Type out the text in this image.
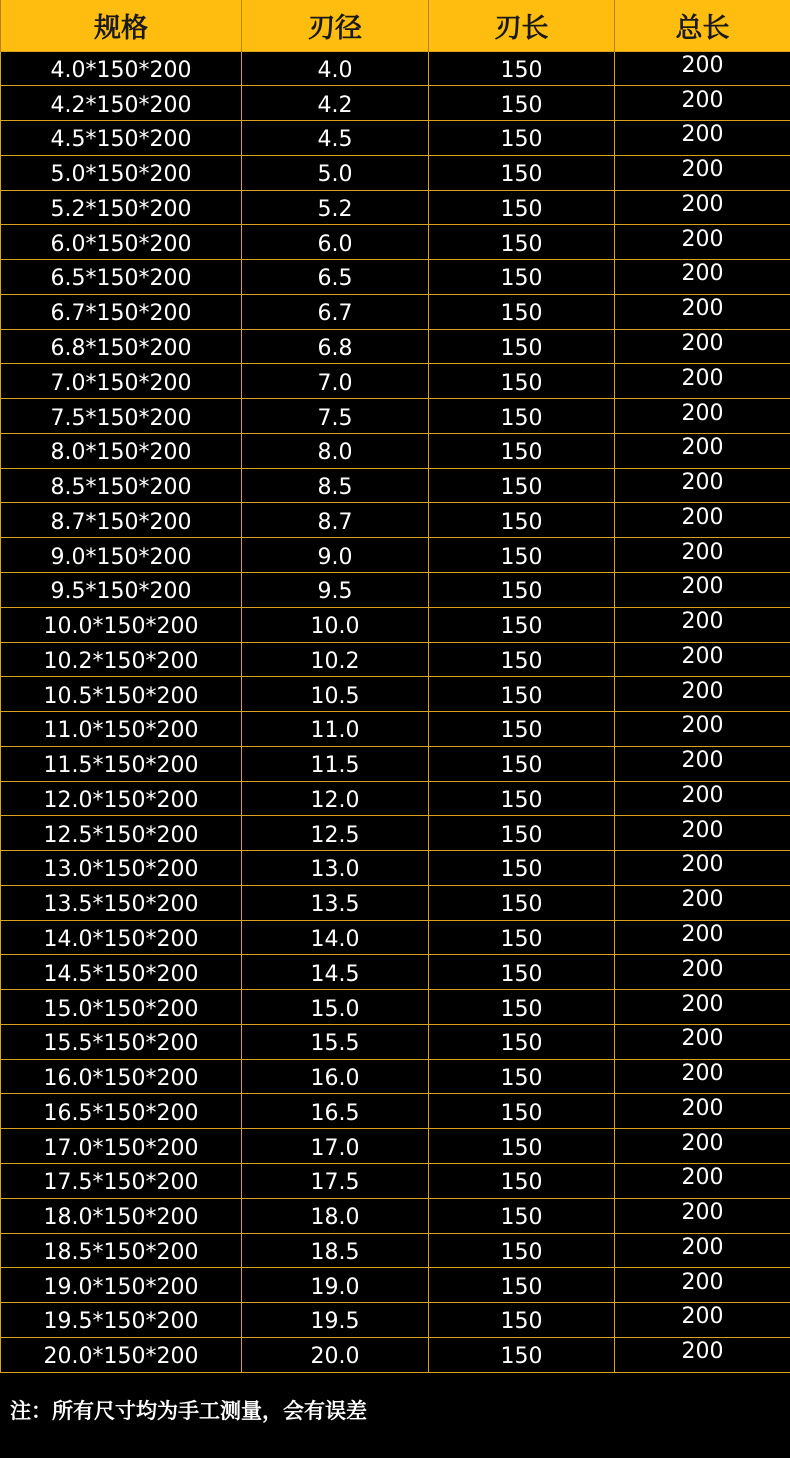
规格	刃径	刃长	总长
4.0*150*200	4.0	150	200
4.2*150*200	4.2	150	200
4.5*150*200	4.5	150	200
5.0*150*200	5.0	150	200
5.2*150*200	5.2	150	200
6.0*150*200	6.0	150	200
6.5*150*200	6.5	150	200
6.7*150*200	6.7	150	200
6.8*150*200	6.8	150	200
7.0*150*200	7.0	150	200
7.5*150*200	7.5	150	200
8.0*150*200	8.0	150	200
8.5*150*200	8.5	150	200
8.7*150*200	8.7	150	200
9.0*150*200	9.0	150	200
9.5*150*200	9.5	150	200
10.0*150*200	10.0	150	200
10.2*150*200	10.2	150	200
10.5*150*200	10.5	150	200
11.0*150*200	11.0	150	200
11.5*150*200	11.5	150	200
12.0*150*200	12.0	150	200
12.5*150*200	12.5	150	200
13.0*150*200	13.0	150	200
13.5*150*200	13.5	150	200
14.0*150*200	14.0	150	200
14.5*150*200	14.5	150	200
15.0*150*200	15.0	150	200
15.5*150*200	15.5	150	200
16.0*150*200	16.0	150	200
16.5*150*200	16.5	150	200
17.0*150*200	17.0	150	200
17.5*150*200	17.5	150	200
18.0*150*200	18.0	150	200
18.5*150*200	18.5	150	200
19.0*150*200	19.0	150	200
19.5*150*200	19.5	150	200
20.0*150*200	20.0	150	200
注：所有尺寸均为手工测量，会有误差
